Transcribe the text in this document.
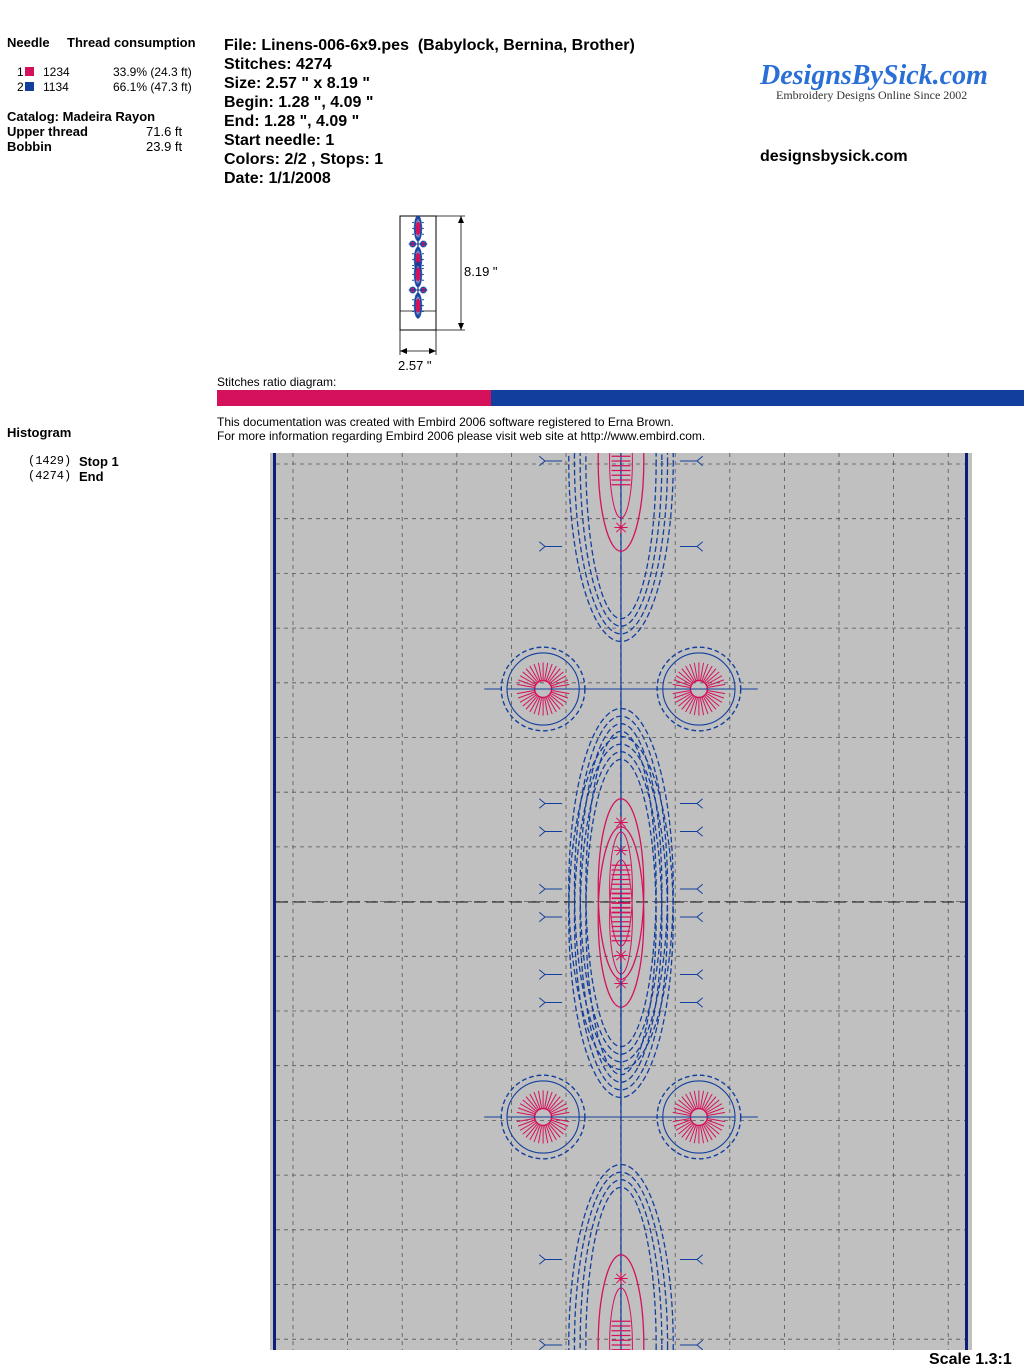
Needle Thread consumption
1	1234	33.9% (24.3 ft)
2	1134	66.1% (47.3 ft)
Catalog: Madeira Rayon
Upper thread	71.6 ft
Bobbin	23.9 ft
Histogram
(1429) Stop 1
(4274) End
File: Linens-006-6x9.pes  (Babylock, Bernina, Brother)
Stitches: 4274
Size: 2.57 " x 8.19 "
Begin: 1.28 ", 4.09 "
End: 1.28 ", 4.09 "
Start needle: 1
Colors: 2/2 , Stops: 1
Date: 1/1/2008
DesignsBySick.com
Embroidery Designs Online Since 2002
designsbysick.com
8.19 "
2.57 "
Stitches ratio diagram:
This documentation was created with Embird 2006 software registered to Erna Brown.
For more information regarding Embird 2006 please visit web site at http://www.embird.com.
Scale 1.3:1
